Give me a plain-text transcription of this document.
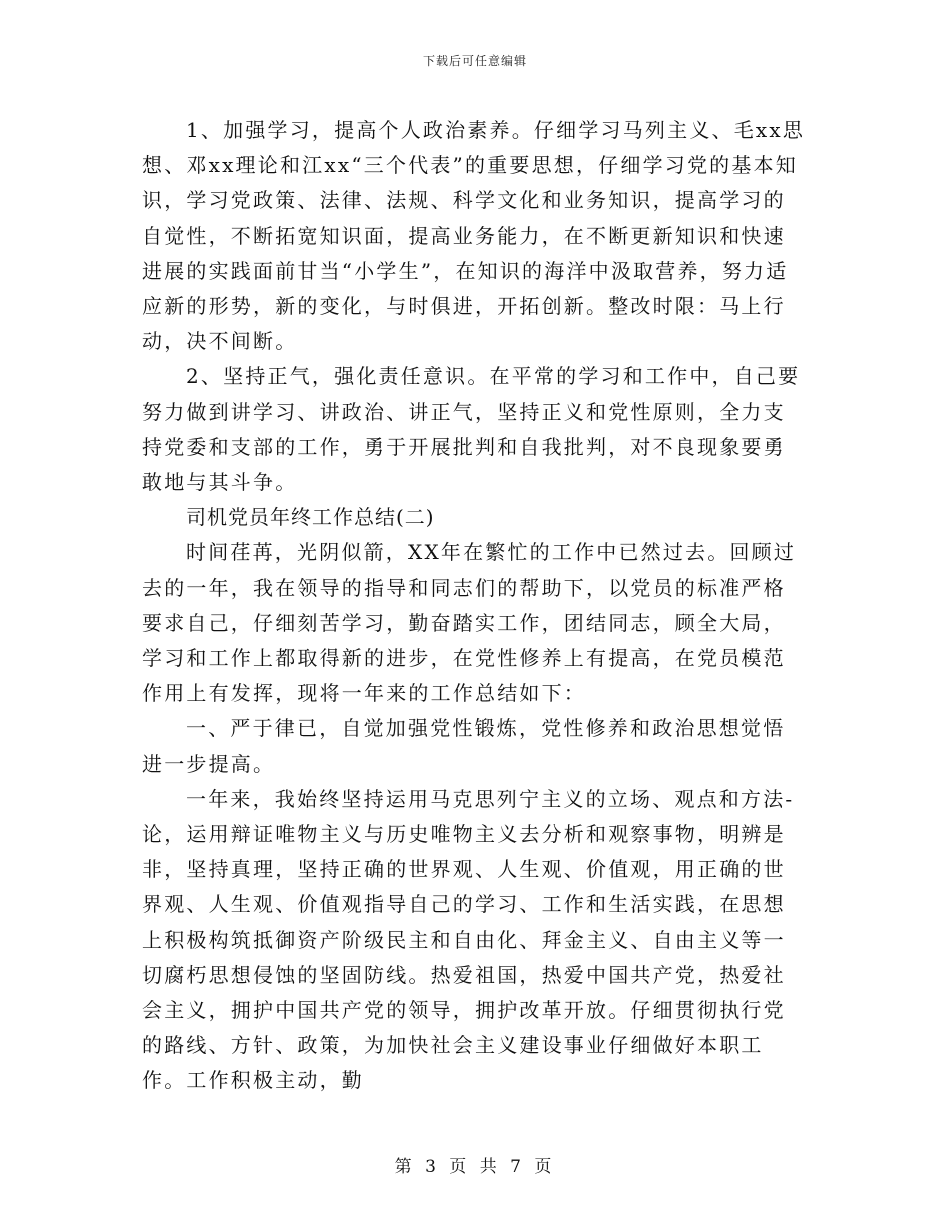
下载后可任意编辑

1、加强学习，提高个人政治素养。仔细学习马列主义、毛xx思想、邓xx理论和江xx“三个代表”的重要思想，仔细学习党的基本知识，学习党政策、法律、法规、科学文化和业务知识，提高学习的自觉性，不断拓宽知识面，提高业务能力，在不断更新知识和快速进展的实践面前甘当“小学生”，在知识的海洋中汲取营养，努力适应新的形势，新的变化，与时俱进，开拓创新。整改时限：马上行动，决不间断。

2、坚持正气，强化责任意识。在平常的学习和工作中，自己要努力做到讲学习、讲政治、讲正气，坚持正义和党性原则，全力支持党委和支部的工作，勇于开展批判和自我批判，对不良现象要勇敢地与其斗争。

司机党员年终工作总结(二)

时间荏苒，光阴似箭，XX年在繁忙的工作中已然过去。回顾过去的一年，我在领导的指导和同志们的帮助下，以党员的标准严格要求自己，仔细刻苦学习，勤奋踏实工作，团结同志，顾全大局，学习和工作上都取得新的进步，在党性修养上有提高，在党员模范作用上有发挥，现将一年来的工作总结如下：

一、严于律已，自觉加强党性锻炼，党性修养和政治思想觉悟进一步提高。

一年来，我始终坚持运用马克思列宁主义的立场、观点和方法-论，运用辩证唯物主义与历史唯物主义去分析和观察事物，明辨是非，坚持真理，坚持正确的世界观、人生观、价值观，用正确的世界观、人生观、价值观指导自己的学习、工作和生活实践，在思想上积极构筑抵御资产阶级民主和自由化、拜金主义、自由主义等一切腐朽思想侵蚀的坚固防线。热爱祖国，热爱中国共产党，热爱社会主义，拥护中国共产党的领导，拥护改革开放。仔细贯彻执行党的路线、方针、政策，为加快社会主义建设事业仔细做好本职工作。工作积极主动，勤

第 3 页 共 7 页
